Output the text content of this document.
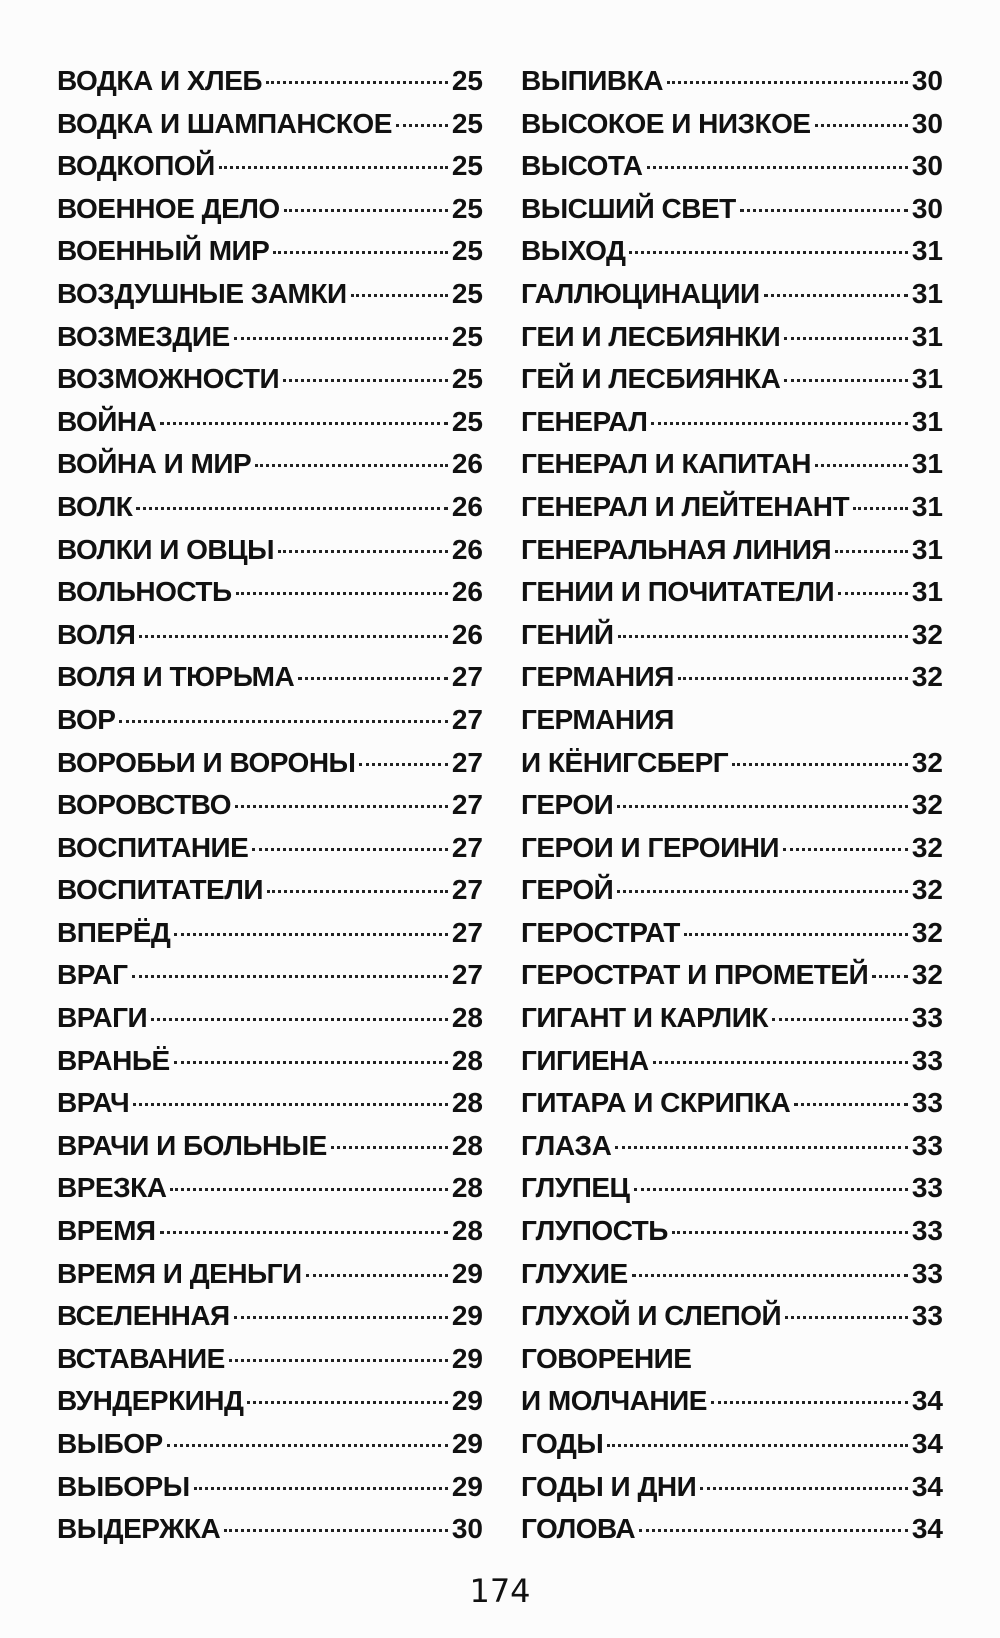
ВОДКА И ХЛЕБ	25
ВОДКА И ШАМПАНСКОЕ 25
ВОДКОПОЙ	25
ВОЕННОЕ ДЕЛО	25
ВОЕННЫЙ МИР	25
ВОЗДУШНЫЕ ЗАМКИ	25
ВОЗМЕЗДИЕ	25
ВОЗМОЖНОСТИ	25
ВОЙНА	25
ВОЙНА И МИР	26
ВОЛК	26
ВОЛКИ И ОВЦЫ	26
ВОЛЬНОСТЬ	26
ВОЛЯ	26
ВОЛЯ И ТЮРЬМА	27
ВОР	27
ВОРОБЬИ И ВОРОНЫ	27
ВОРОВСТВО	27
ВОСПИТАНИЕ	27
ВОСПИТАТЕЛИ	27
ВПЕРЁД	27
ВРАГ	27
ВРАГИ	28
ВРАНЬЁ	28
ВРАЧ	28
ВРАЧИ И БОЛЬНЫЕ	28
ВРЕЗКА	28
ВРЕМЯ	28
ВРЕМЯ И ДЕНЬГИ	29
ВСЕЛЕННАЯ	29
ВСТАВАНИЕ	29
ВУНДЕРКИНД	29
ВЫБОР	29
ВЫБОРЫ	29
ВЫДЕРЖКА	30
ВЫПИВКА	30
ВЫСОКОЕ И НИЗКОЕ	30
ВЫСОТА	30
ВЫСШИЙ СВЕТ	30
ВЫХОД	31
ГАЛЛЮЦИНАЦИИ	31
ГЕИ И ЛЕСБИЯНКИ	31
ГЕЙ И ЛЕСБИЯНКА	31
ГЕНЕРАЛ	31
ГЕНЕРАЛ И КАПИТАН	31
ГЕНЕРАЛ И ЛЕЙТЕНАНТ 31
ГЕНЕРАЛЬНАЯ ЛИНИЯ	31
ГЕНИИ И ПОЧИТАТЕЛИ	31
ГЕНИЙ	32
ГЕРМАНИЯ	32
ГЕРМАНИЯ
И КЁНИГСБЕРГ	32
ГЕРОИ	32
ГЕРОИ И ГЕРОИНИ	32
ГЕРОЙ	32
ГЕРОСТРАТ	32
ГЕРОСТРАТ И ПРОМЕТЕЙ 32
ГИГАНТ И КАРЛИК	33
ГИГИЕНА	33
ГИТАРА И СКРИПКА	33
ГЛАЗА	33
ГЛУПЕЦ	33
ГЛУПОСТЬ	33
ГЛУХИЕ	33
ГЛУХОЙ И СЛЕПОЙ	33
ГОВОРЕНИЕ
И МОЛЧАНИЕ	34
ГОДЫ	34
ГОДЫ И ДНИ	34
ГОЛОВА	34
174
